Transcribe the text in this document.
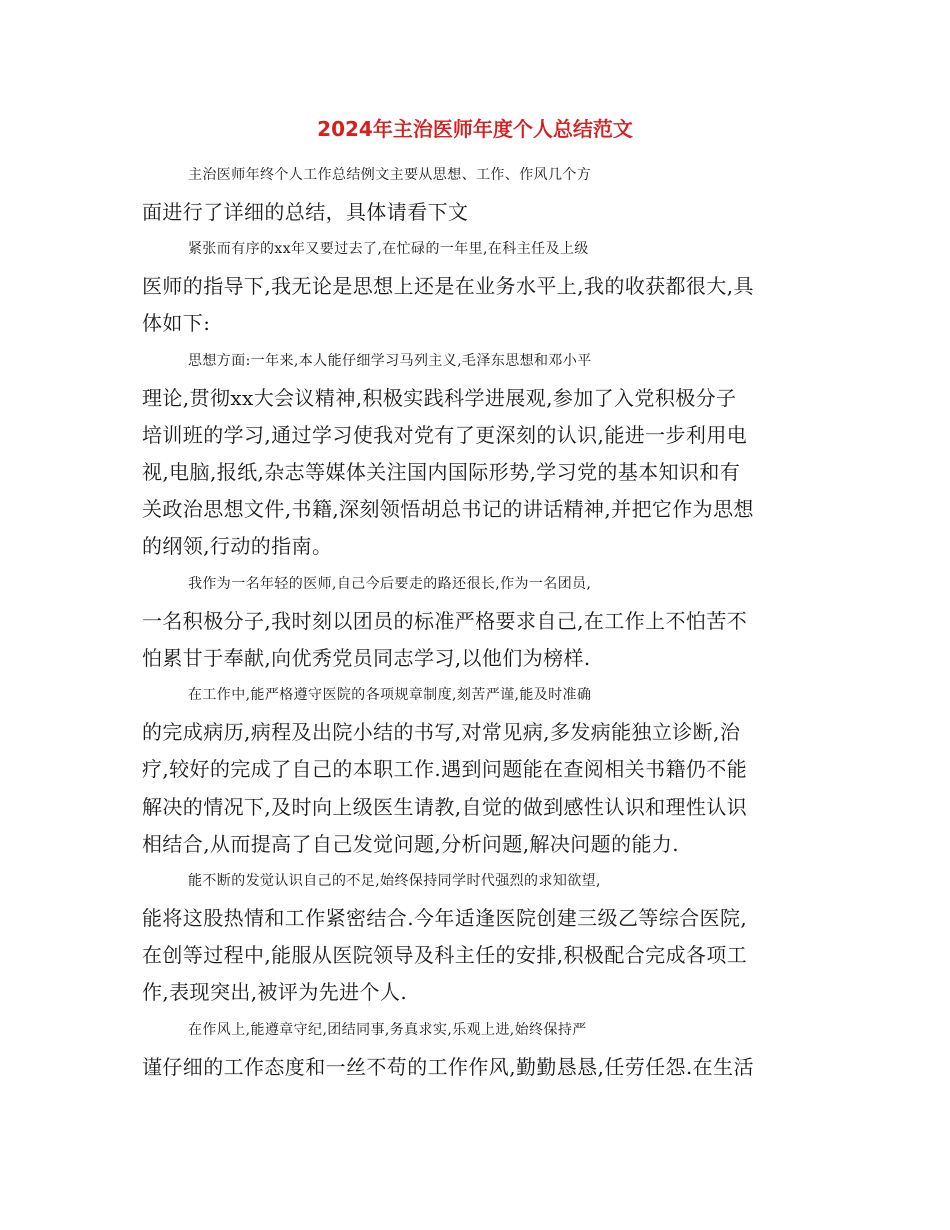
2024年主治医师年度个人总结范文
主治医师年终个人工作总结例文主要从思想、工作、作风几个方
面进行了详细的总结，具体请看下文
紧张而有序的xx年又要过去了,在忙碌的一年里,在科主任及上级
医师的指导下,我无论是思想上还是在业务水平上,我的收获都很大,具
体如下:
思想方面:一年来,本人能仔细学习马列主义,毛泽东思想和邓小平
理论,贯彻xx大会议精神,积极实践科学进展观,参加了入党积极分子
培训班的学习,通过学习使我对党有了更深刻的认识,能进一步利用电
视,电脑,报纸,杂志等媒体关注国内国际形势,学习党的基本知识和有
关政治思想文件,书籍,深刻领悟胡总书记的讲话精神,并把它作为思想
的纲领,行动的指南。
我作为一名年轻的医师,自己今后要走的路还很长,作为一名团员,
一名积极分子,我时刻以团员的标准严格要求自己,在工作上不怕苦不
怕累甘于奉献,向优秀党员同志学习,以他们为榜样.
在工作中,能严格遵守医院的各项规章制度,刻苦严谨,能及时准确
的完成病历,病程及出院小结的书写,对常见病,多发病能独立诊断,治
疗,较好的完成了自己的本职工作.遇到问题能在查阅相关书籍仍不能
解决的情况下,及时向上级医生请教,自觉的做到感性认识和理性认识
相结合,从而提高了自己发觉问题,分析问题,解决问题的能力.
能不断的发觉认识自己的不足,始终保持同学时代强烈的求知欲望,
能将这股热情和工作紧密结合.今年适逢医院创建三级乙等综合医院,
在创等过程中,能服从医院领导及科主任的安排,积极配合完成各项工
作,表现突出,被评为先进个人.
在作风上,能遵章守纪,团结同事,务真求实,乐观上进,始终保持严
谨仔细的工作态度和一丝不苟的工作作风,勤勤恳恳,任劳任怨.在生活
